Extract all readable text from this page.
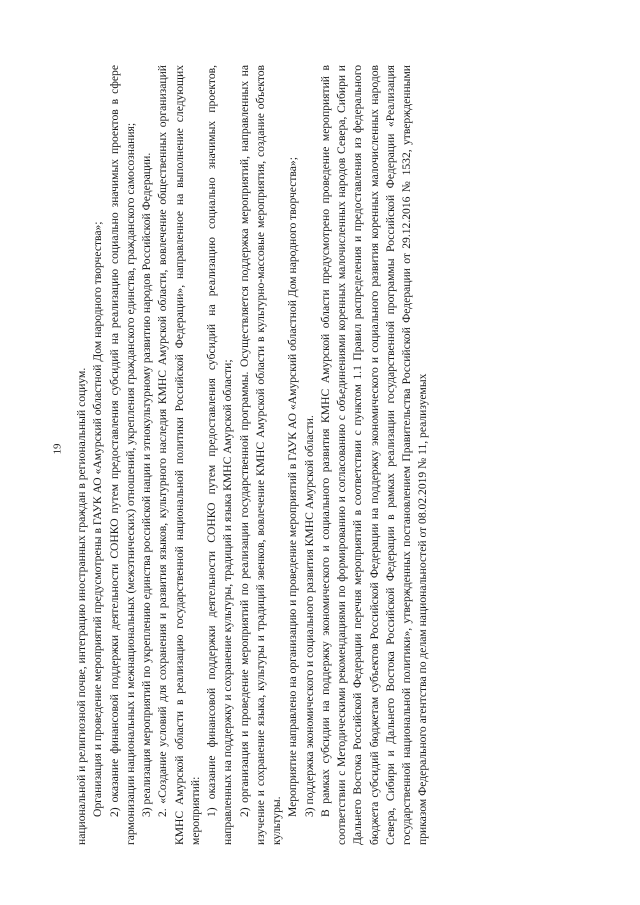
19 национальной и религиозной почве, интеграцию иностранных граждан в региональный социум. Организация и проведение мероприятий предусмотрены в ГАУК АО «Амурский областной Дом народного творчества»; 2) оказание финансовой поддержки деятельности СОНКО путем предоставления субсидий на реализацию социально значимых проектов в сфере гармонизации национальных и межнациональных (межэтнических) отношений, укрепления гражданского единства, гражданского самосознания; 3) реализация мероприятий по укреплению единства российской нации и этнокультурному развитию народов Российской Федерации. 2. «Создание условий для сохранения и развития языков, культурного наследия КМНС Амурской области, вовлечение общественных организаций КМНС Амурской области в реализацию государственной национальной политики Российской Федерации», направленное на выполнение следующих мероприятий: 1) оказание финансовой поддержки деятельности СОНКО путем предоставления субсидий на реализацию социально значимых проектов, направленных на поддержку и сохранение культуры, традиций и языка КМНС Амурской области; 2) организация и проведение мероприятий по реализации государственной программы. Осуществляется поддержка мероприятий, направленных на изучение и сохранение языка, культуры и традиций эвенков, вовлечение КМНС Амурской области в культурно-массовые мероприятия, создание объектов культуры.

Мероприятие направлено на организацию и проведение мероприятий в ГАУК АО «Амурский областной Дом народного творчества»; 3) поддержка экономического и социального развития КМНС Амурской области. В рамках субсидии на поддержку экономического и социального развития КМНС Амурской области предусмотрено проведение мероприятий в соответствии с Методическими рекомендациями по формированию и согласованию с объединениями коренных малочисленных народов Севера, Сибири и Дальнего Востока Российской Федерации перечня мероприятий в соответствии с пунктом 1.1 Правил распределения и предоставления из федерального бюджета субсидий бюджетам субъектов Российской Федерации на поддержку экономического и социального развития коренных малочисленных народов Севера, Сибири и Дальнего Востока Российской Федерации в рамках реализации государственной программы Российской Федерации «Реализация государственной национальной политики», утвержденных постановлением Правительства Российской Федерации от 29.12.2016 № 1532, утвержденными приказом Федерального агентства по делам национальностей от 08.02.2019 № 11, реализуемых
